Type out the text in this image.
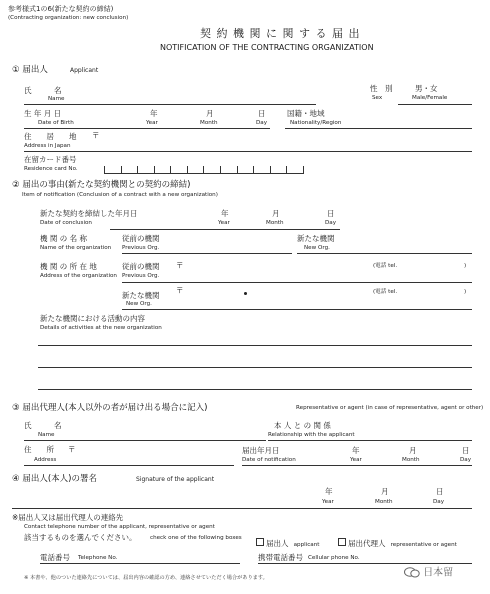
参考様式1の6(新たな契約の締結)
(Contracting organization: new conclusion)
契 約 機 関 に 関 す る 届 出
NOTIFICATION OF THE CONTRACTING ORGANIZATION
① 届出人	Applicant
氏　　　名
Name
性　別
Sex
男・女
Male/Female
生 年 月 日
Date of Birth
年
Year
月
Month
日
Day
国籍・地域
Nationality/Region
住　　居　　地 〒
Address in Japan
在留カード番号
Residence card No.
② 届出の事由(新たな契約機関との契約の締結)
Item of notification (Conclusion of a contract with a new organization)
新たな契約を締結した年月日
Date of conclusion
年
Year
月
Month
日
Day
機 関 の 名 称
Name of the organization
従前の機関
Previous Org.
新たな機関
New Org.
機 関 の 所 在 地
Address of the organization
従前の機関
Previous Org.
〒	(電話 tel.	)
新たな機関
New Org.
〒	(電話 tel.	)
新たな機関における活動の内容
Details of activities at the new organization
③ 届出代理人(本人以外の者が届け出る場合に記入)	Representative or agent (in case of representative, agent or other)
氏　　　名
Name
本 人 と の 関 係
Relationship with the applicant
住　　所 〒
Address
届出年月日
Date of notification
年
Year
月
Month
日
Day
④ 届出人(本人)の署名	Signature of the applicant
年
Year
月
Month
日
Day
※届出人又は届出代理人の連絡先
Contact telephone number of the applicant, representative or agent
該当するものを選んでください。 check one of the following boxes
届出人 applicant	届出代理人 representative or agent
電話番号 Telephone No.	携帯電話番号 Cellular phone No.
※ 本書や、他のついた連絡先については、届出内容の確認の方め、連絡させていただく場合があります。	日本留
